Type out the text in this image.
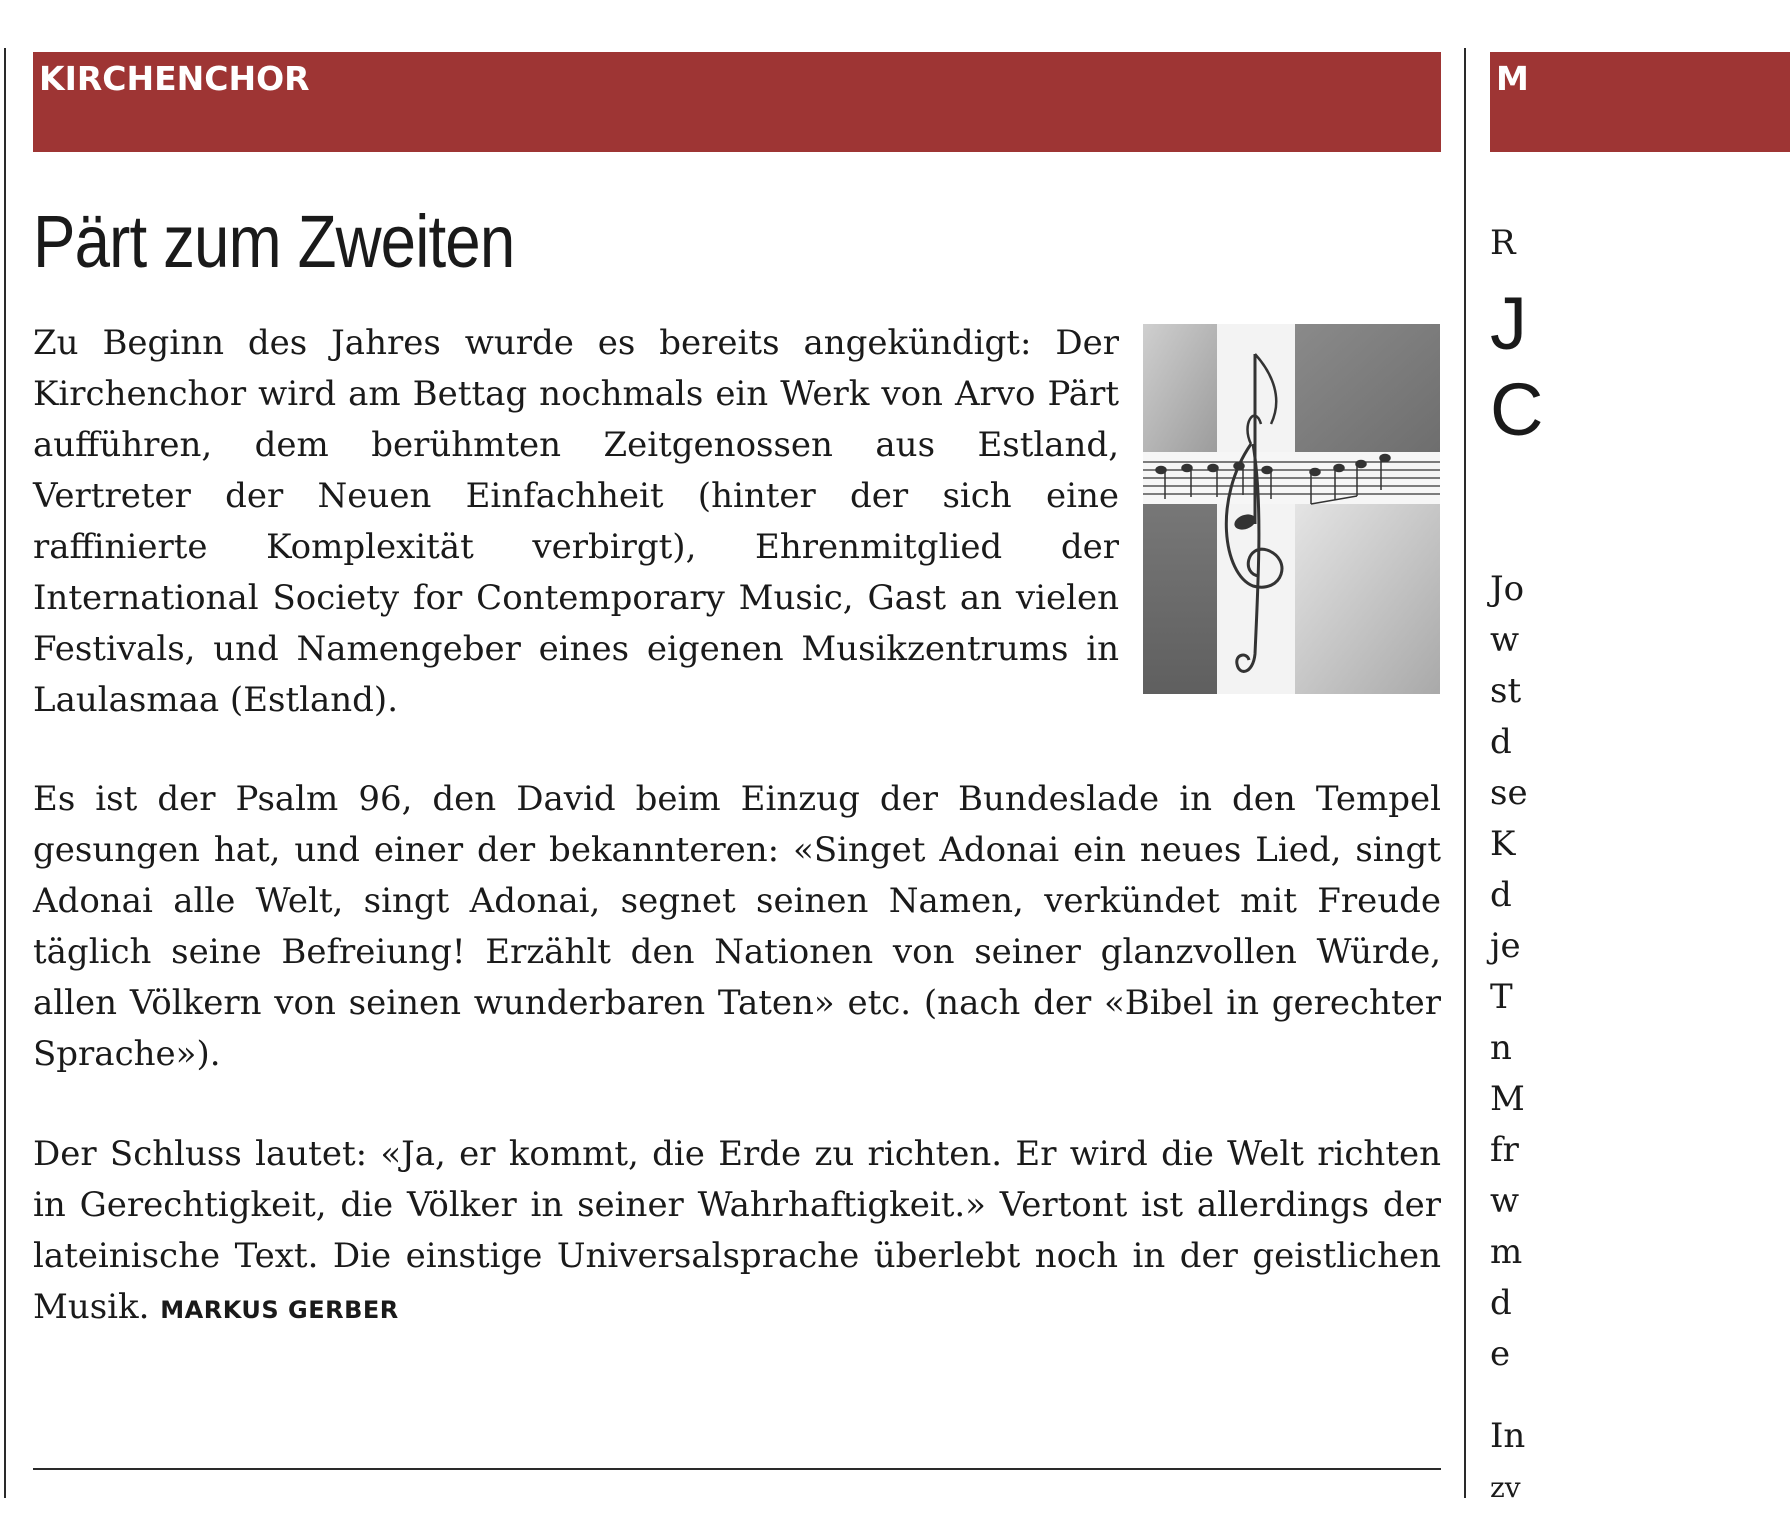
KIRCHENCHOR
Pärt zum Zweiten

Zu Beginn des Jahres wurde es bereits angekündigt: Der Kirchenchor wird am Bettag nochmals ein Werk von Arvo Pärt aufführen, dem berühmten Zeitgenossen aus Estland, Vertreter der Neuen Einfachheit (hinter der sich eine raffinierte Komplexität verbirgt), Ehrenmitglied der International Society for Contemporary Music, Gast an vielen Festivals, und Namengeber eines eigenen Musikzentrums in Laulasmaa (Estland).

Es ist der Psalm 96, den David beim Einzug der Bundeslade in den Tempel gesungen hat, und einer der bekannteren: «Singet Adonai ein neues Lied, singt Adonai alle Welt, singt Adonai, segnet seinen Namen, verkündet mit Freude täglich seine Befreiung! Erzählt den Nationen von seiner glanzvollen Würde, allen Völkern von seinen wunderbaren Taten» etc. (nach der «Bibel in gerechter Sprache»).

Der Schluss lautet: «Ja, er kommt, die Erde zu richten. Er wird die Welt richten in Gerechtigkeit, die Völker in seiner Wahrhaftigkeit.» Vertont ist allerdings der lateinische Text. Die einstige Universalsprache überlebt noch in der geistlichen Musik. MARKUS GERBER

M
R
J
C
Jo
w
st
d
se
K
d
je
T
n
M
fr
w
m
d
e
In
zv
